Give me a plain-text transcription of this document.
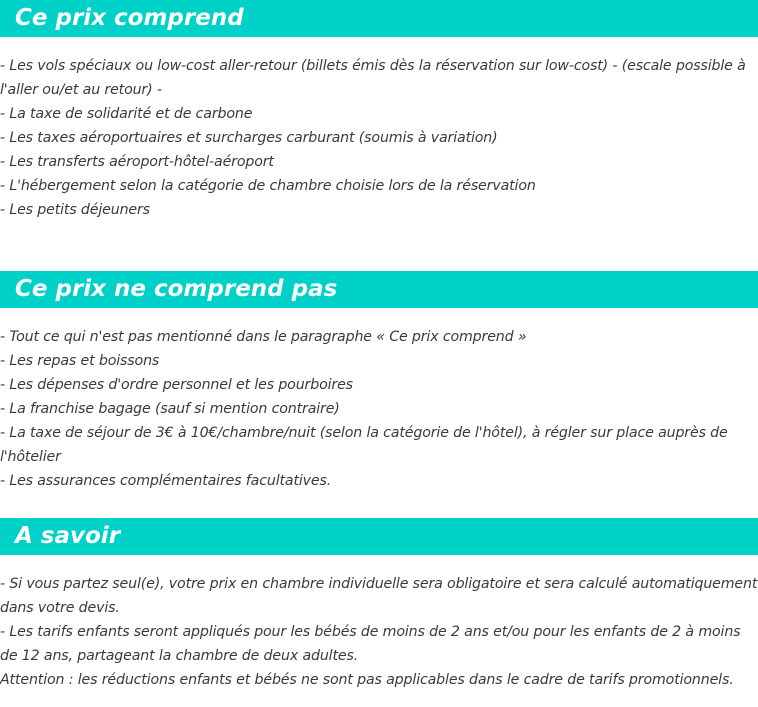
Ce prix comprend
- Les vols spéciaux ou low-cost aller-retour (billets émis dès la réservation sur low-cost) - (escale possible à l'aller ou/et au retour) -
- La taxe de solidarité et de carbone
- Les taxes aéroportuaires et surcharges carburant (soumis à variation)
- Les transferts aéroport-hôtel-aéroport
- L'hébergement selon la catégorie de chambre choisie lors de la réservation
- Les petits déjeuners
Ce prix ne comprend pas
- Tout ce qui n'est pas mentionné dans le paragraphe « Ce prix comprend »
- Les repas et boissons
- Les dépenses d'ordre personnel et les pourboires
- La franchise bagage (sauf si mention contraire)
- La taxe de séjour de 3€ à 10€/chambre/nuit (selon la catégorie de l'hôtel), à régler sur place auprès de l'hôtelier
- Les assurances complémentaires facultatives.
A savoir
- Si vous partez seul(e), votre prix en chambre individuelle sera obligatoire et sera calculé automatiquement dans votre devis.
- Les tarifs enfants seront appliqués pour les bébés de moins de 2 ans et/ou pour les enfants de 2 à moins de 12 ans, partageant la chambre de deux adultes.
Attention : les réductions enfants et bébés ne sont pas applicables dans le cadre de tarifs promotionnels.
